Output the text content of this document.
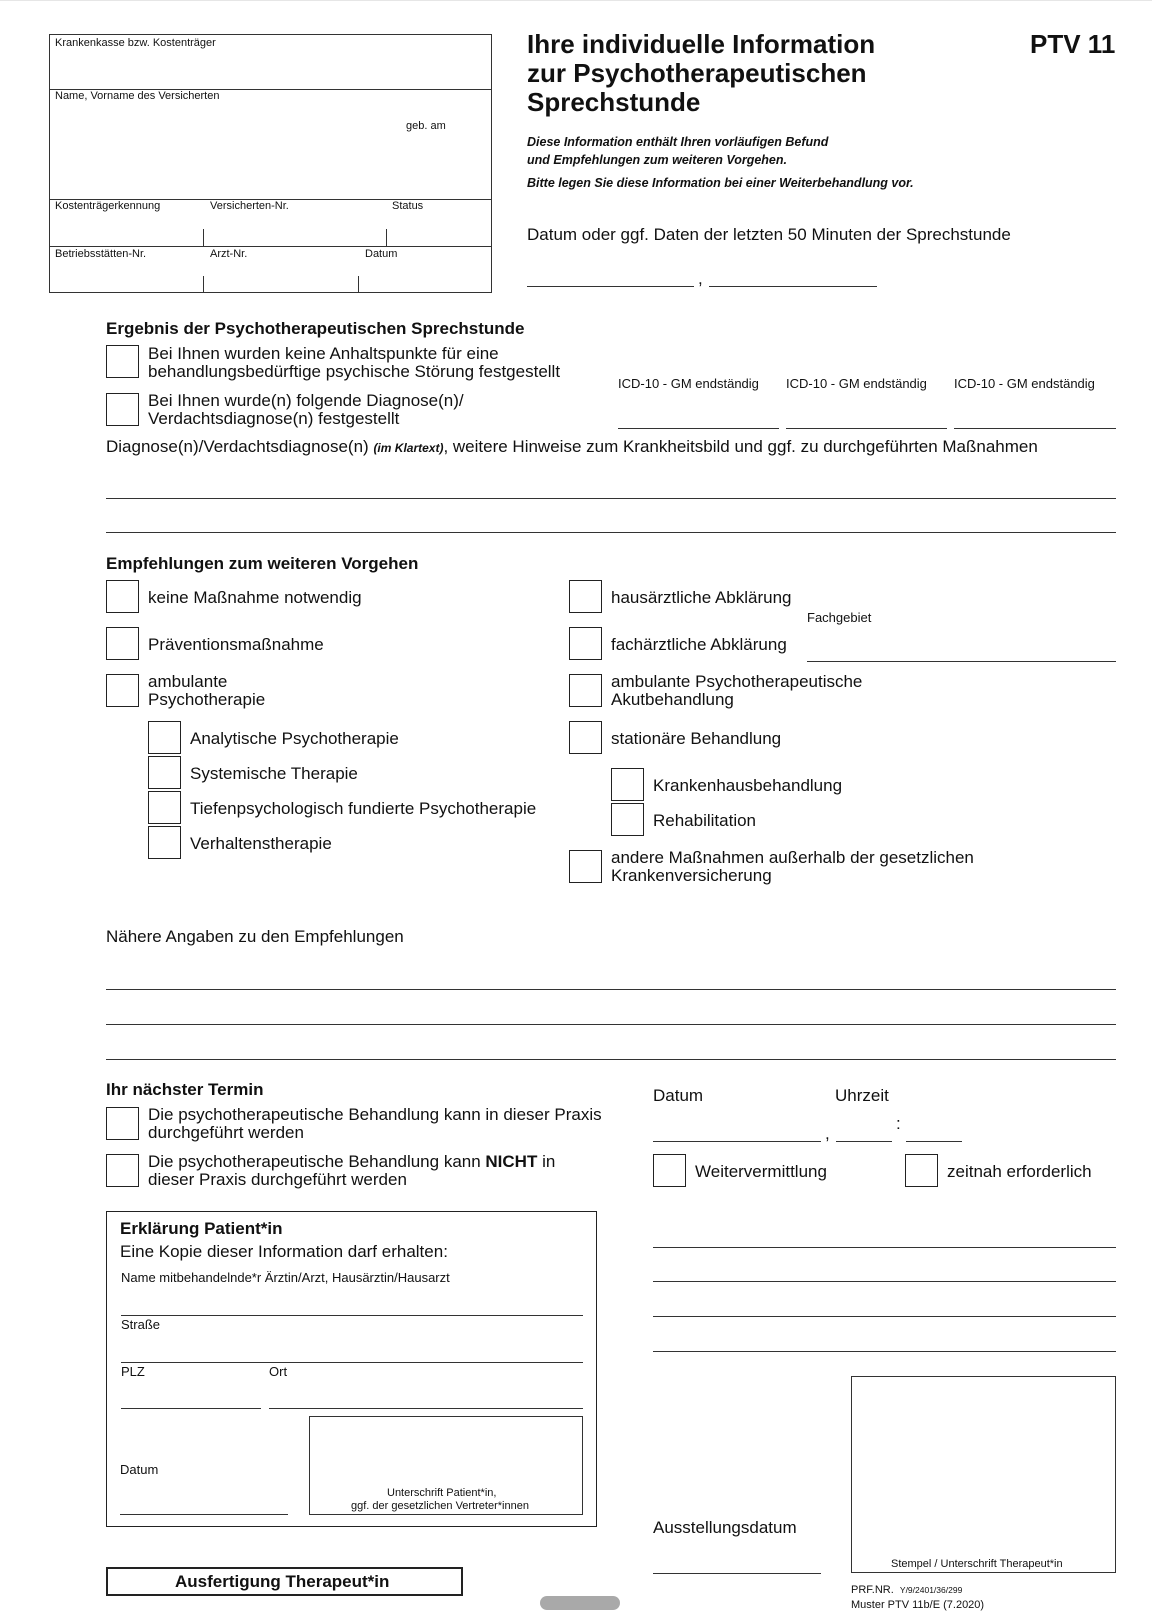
Krankenkasse bzw. Kostenträger
Name, Vorname des Versicherten
geb. am
Kostenträgerkennung	Versicherten-Nr.	Status
Betriebsstätten-Nr.	Arzt-Nr.	Datum
Ihre individuelle Information
zur Psychotherapeutischen
Sprechstunde
PTV 11
Diese Information enthält Ihren vorläufigen Befund
und Empfehlungen zum weiteren Vorgehen.
Bitte legen Sie diese Information bei einer Weiterbehandlung vor.
Datum oder ggf. Daten der letzten 50 Minuten der Sprechstunde
,
Ergebnis der Psychotherapeutischen Sprechstunde
Bei Ihnen wurden keine Anhaltspunkte für eine
behandlungsbedürftige psychische Störung festgestellt
Bei Ihnen wurde(n) folgende Diagnose(n)/
Verdachtsdiagnose(n) festgestellt
ICD-10 - GM endständig ICD-10 - GM endständig ICD-10 - GM endständig
Diagnose(n)/Verdachtsdiagnose(n) (im Klartext), weitere Hinweise zum Krankheitsbild und ggf. zu durchgeführten Maßnahmen
Empfehlungen zum weiteren Vorgehen
keine Maßnahme notwendig
Präventionsmaßnahme
ambulante
Psychotherapie
Analytische Psychotherapie
Systemische Therapie
Tiefenpsychologisch fundierte Psychotherapie
Verhaltenstherapie
hausärztliche Abklärung
Fachgebiet
fachärztliche Abklärung
ambulante Psychotherapeutische
Akutbehandlung
stationäre Behandlung
Krankenhausbehandlung
Rehabilitation
andere Maßnahmen außerhalb der gesetzlichen
Krankenversicherung
Nähere Angaben zu den Empfehlungen
Ihr nächster Termin
Die psychotherapeutische Behandlung kann in dieser Praxis
durchgeführt werden
Die psychotherapeutische Behandlung kann NICHT in
dieser Praxis durchgeführt werden
Datum	Uhrzeit
,
:
Weitervermittlung	zeitnah erforderlich
Erklärung Patient*in
Eine Kopie dieser Information darf erhalten:
Name mitbehandelnde*r Ärztin/Arzt, Hausärztin/Hausarzt
Straße
PLZ	Ort
Datum
Unterschrift Patient*in,
ggf. der gesetzlichen Vertreter*innen
Ausstellungsdatum
Stempel / Unterschrift Therapeut*in
Ausfertigung Therapeut*in	PRF.NR. Y/9/2401/36/299
Muster PTV 11b/E (7.2020)
